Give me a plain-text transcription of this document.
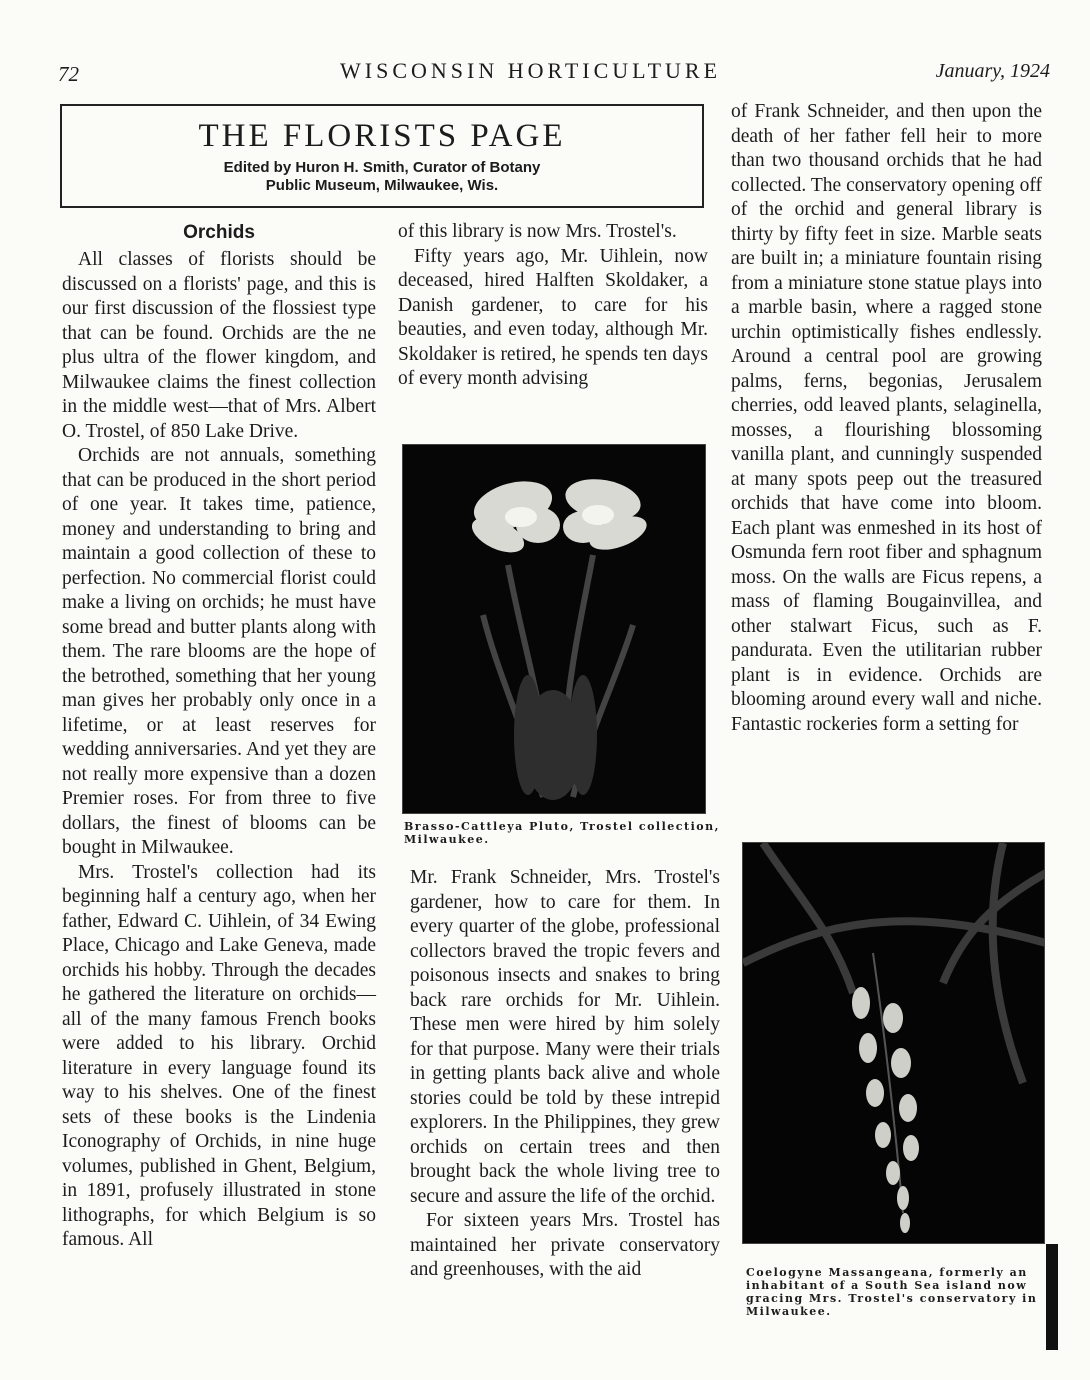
72	WISCONSIN HORTICULTURE	January, 1924
THE FLORISTS PAGE
Edited by Huron H. Smith, Curator of Botany
Public Museum, Milwaukee, Wis.
Orchids

All classes of florists should be discussed on a florists' page, and this is our first discussion of the flossiest type that can be found. Orchids are the ne plus ultra of the flower kingdom, and Milwaukee claims the finest collection in the middle west—that of Mrs. Albert O. Trostel, of 850 Lake Drive.

Orchids are not annuals, something that can be produced in the short period of one year. It takes time, patience, money and understanding to bring and maintain a good collection of these to perfection. No commercial florist could make a living on orchids; he must have some bread and butter plants along with them. The rare blooms are the hope of the betrothed, something that her young man gives her probably only once in a lifetime, or at least reserves for wedding anniversaries. And yet they are not really more expensive than a dozen Premier roses. For from three to five dollars, the finest of blooms can be bought in Milwaukee.

Mrs. Trostel's collection had its beginning half a century ago, when her father, Edward C. Uihlein, of 34 Ewing Place, Chicago and Lake Geneva, made orchids his hobby. Through the decades he gathered the literature on orchids—all of the many famous French books were added to his library. Orchid literature in every language found its way to his shelves. One of the finest sets of these books is the Lindenia Iconography of Orchids, in nine huge volumes, published in Ghent, Belgium, in 1891, profusely illustrated in stone lithographs, for which Belgium is so famous. All

of this library is now Mrs. Trostel's.

Fifty years ago, Mr. Uihlein, now deceased, hired Halften Skoldaker, a Danish gardener, to care for his beauties, and even today, although Mr. Skoldaker is retired, he spends ten days of every month advising

Brasso-Cattleya Pluto, Trostel collection, Milwaukee.

Mr. Frank Schneider, Mrs. Trostel's gardener, how to care for them. In every quarter of the globe, professional collectors braved the tropic fevers and poisonous insects and snakes to bring back rare orchids for Mr. Uihlein. These men were hired by him solely for that purpose. Many were their trials in getting plants back alive and whole stories could be told by these intrepid explorers. In the Philippines, they grew orchids on certain trees and then brought back the whole living tree to secure and assure the life of the orchid.

For sixteen years Mrs. Trostel has maintained her private conservatory and greenhouses, with the aid

of Frank Schneider, and then upon the death of her father fell heir to more than two thousand orchids that he had collected. The conservatory opening off of the orchid and general library is thirty by fifty feet in size. Marble seats are built in; a miniature fountain rising from a miniature stone statue plays into a marble basin, where a ragged stone urchin optimistically fishes endlessly. Around a central pool are growing palms, ferns, begonias, Jerusalem cherries, odd leaved plants, selaginella, mosses, a flourishing blossoming vanilla plant, and cunningly suspended at many spots peep out the treasured orchids that have come into bloom. Each plant was enmeshed in its host of Osmunda fern root fiber and sphagnum moss. On the walls are Ficus repens, a mass of flaming Bougainvillea, and other stalwart Ficus, such as F. pandurata. Even the utilitarian rubber plant is in evidence. Orchids are blooming around every wall and niche. Fantastic rockeries form a setting for

Coelogyne Massangeana, formerly an inhabitant of a South Sea island now gracing Mrs. Trostel's conservatory in Milwaukee.
